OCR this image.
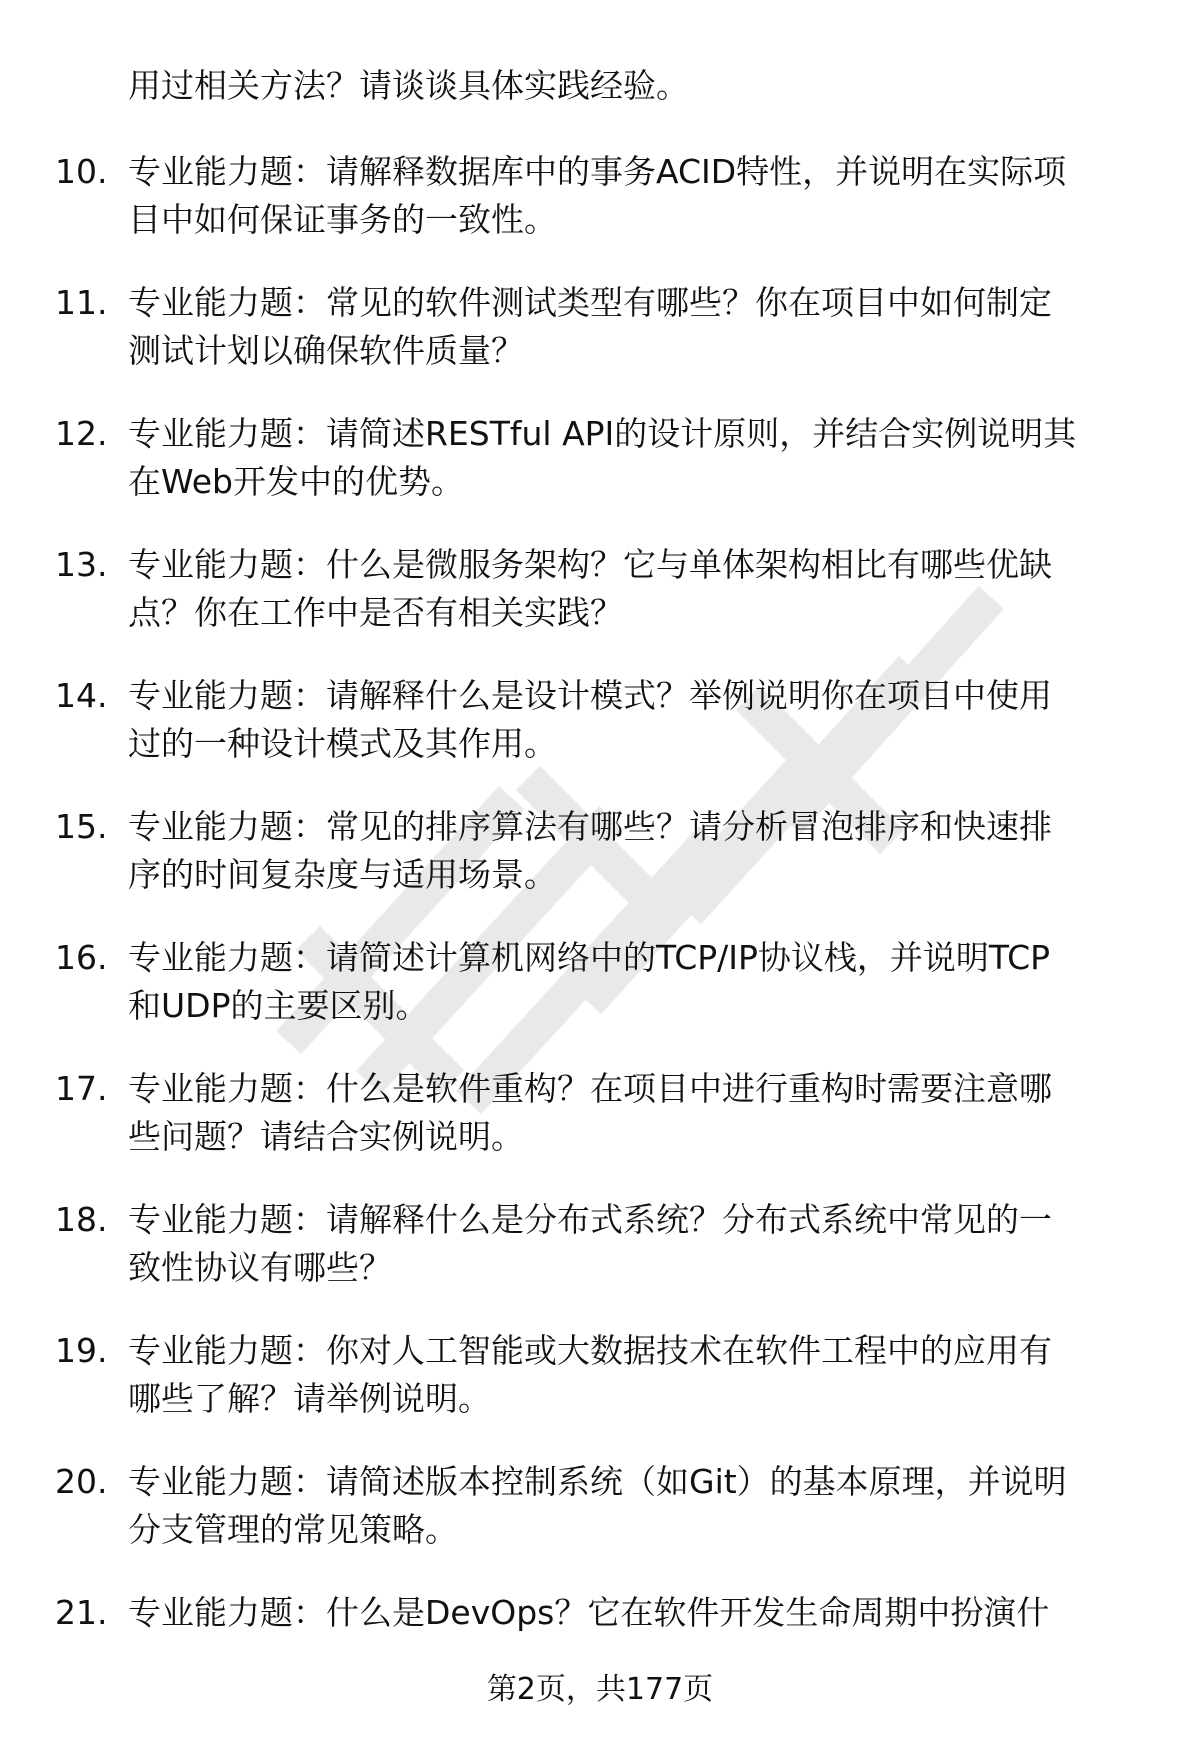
用过相关方法？请谈谈具体实践经验。
10. 专业能力题：请解释数据库中的事务ACID特性，并说明在实际项
目中如何保证事务的一致性。
11. 专业能力题：常见的软件测试类型有哪些？你在项目中如何制定
测试计划以确保软件质量？
12. 专业能力题：请简述RESTful API的设计原则，并结合实例说明其
在Web开发中的优势。
13. 专业能力题：什么是微服务架构？它与单体架构相比有哪些优缺
点？你在工作中是否有相关实践？
14. 专业能力题：请解释什么是设计模式？举例说明你在项目中使用
过的一种设计模式及其作用。
15. 专业能力题：常见的排序算法有哪些？请分析冒泡排序和快速排
序的时间复杂度与适用场景。
16. 专业能力题：请简述计算机网络中的TCP/IP协议栈，并说明TCP
和UDP的主要区别。
17. 专业能力题：什么是软件重构？在项目中进行重构时需要注意哪
些问题？请结合实例说明。
18. 专业能力题：请解释什么是分布式系统？分布式系统中常见的一
致性协议有哪些？
19. 专业能力题：你对人工智能或大数据技术在软件工程中的应用有
哪些了解？请举例说明。
20. 专业能力题：请简述版本控制系统（如Git）的基本原理，并说明
分支管理的常见策略。
21. 专业能力题：什么是DevOps？它在软件开发生命周期中扮演什
第2页，共177页
